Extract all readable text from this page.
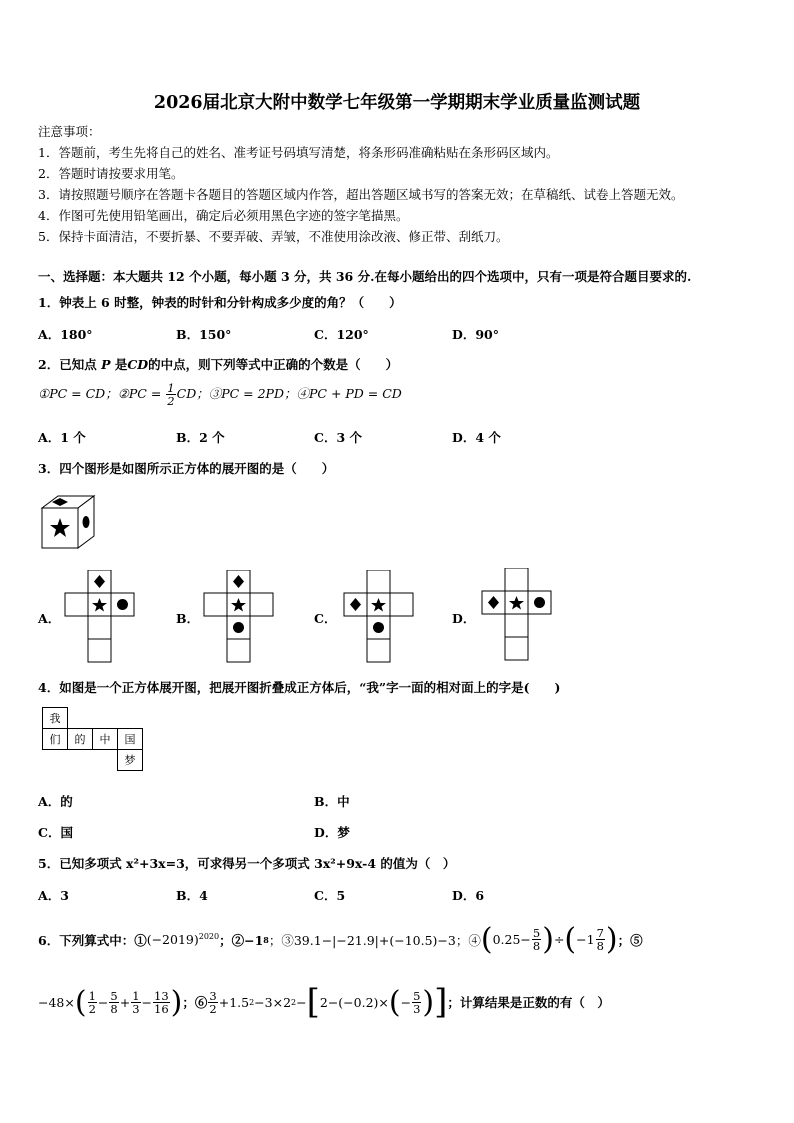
2026届北京大附中数学七年级第一学期期末学业质量监测试题
注意事项：
1．答题前，考生先将自己的姓名、准考证号码填写清楚，将条形码准确粘贴在条形码区域内。
2．答题时请按要求用笔。
3．请按照题号顺序在答题卡各题目的答题区域内作答，超出答题区域书写的答案无效；在草稿纸、试卷上答题无效。
4．作图可先使用铅笔画出，确定后必须用黑色字迹的签字笔描黑。
5．保持卡面清洁，不要折暴、不要弄破、弄皱，不准使用涂改液、修正带、刮纸刀。
一、选择题：本大题共 12 个小题，每小题 3 分，共 36 分.在每小题给出的四个选项中，只有一项是符合题目要求的.
1．钟表上 6 时整，钟表的时针和分针构成多少度的角？（　　）
A．180°	B．150°	C．120°	D．90°
2．已知点 P 是CD的中点，则下列等式中正确的个数是（　　）
①PC = CD；②PC = $\frac{1}{2}$ CD；③PC = 2PD；④PC + PD = CD
A．1 个	B．2 个	C．3 个	D．4 个
3．四个图形是如图所示正方体的展开图的是（　　）
A．	B．	C．	D．
4．如图是一个正方体展开图，把展开图折叠成正方体后，“我”字一面的相对面上的字是(　　)
我			
们	的	中	国
			梦
A．的	B．中
C．国	D．梦
5．已知多项式 x²+3x=3，可求得另一个多项式 3x²+9x-4 的值为（　）
A．3	B．4	C．5	D．6
6．下列算式中：① $(-2019)^{2020}$ ；②−1 8 ；③39.1−|−21.9|+(−10.5)−3；④ ( $0.25- \frac{5}{8}$ ) ÷ ( $-1 \frac{7}{8}$ ) ；⑤
−48× ( $\frac{1}{2} - \frac{5}{8} + \frac{1}{3} - \frac{13}{16}$ ) ；⑥ $\frac{3}{2} +1.5$ 2 −3×2 2 − [ 2−(−0.2)× ( − $\frac{5}{3}$ ) ] ；计算结果是正数的有（　）
